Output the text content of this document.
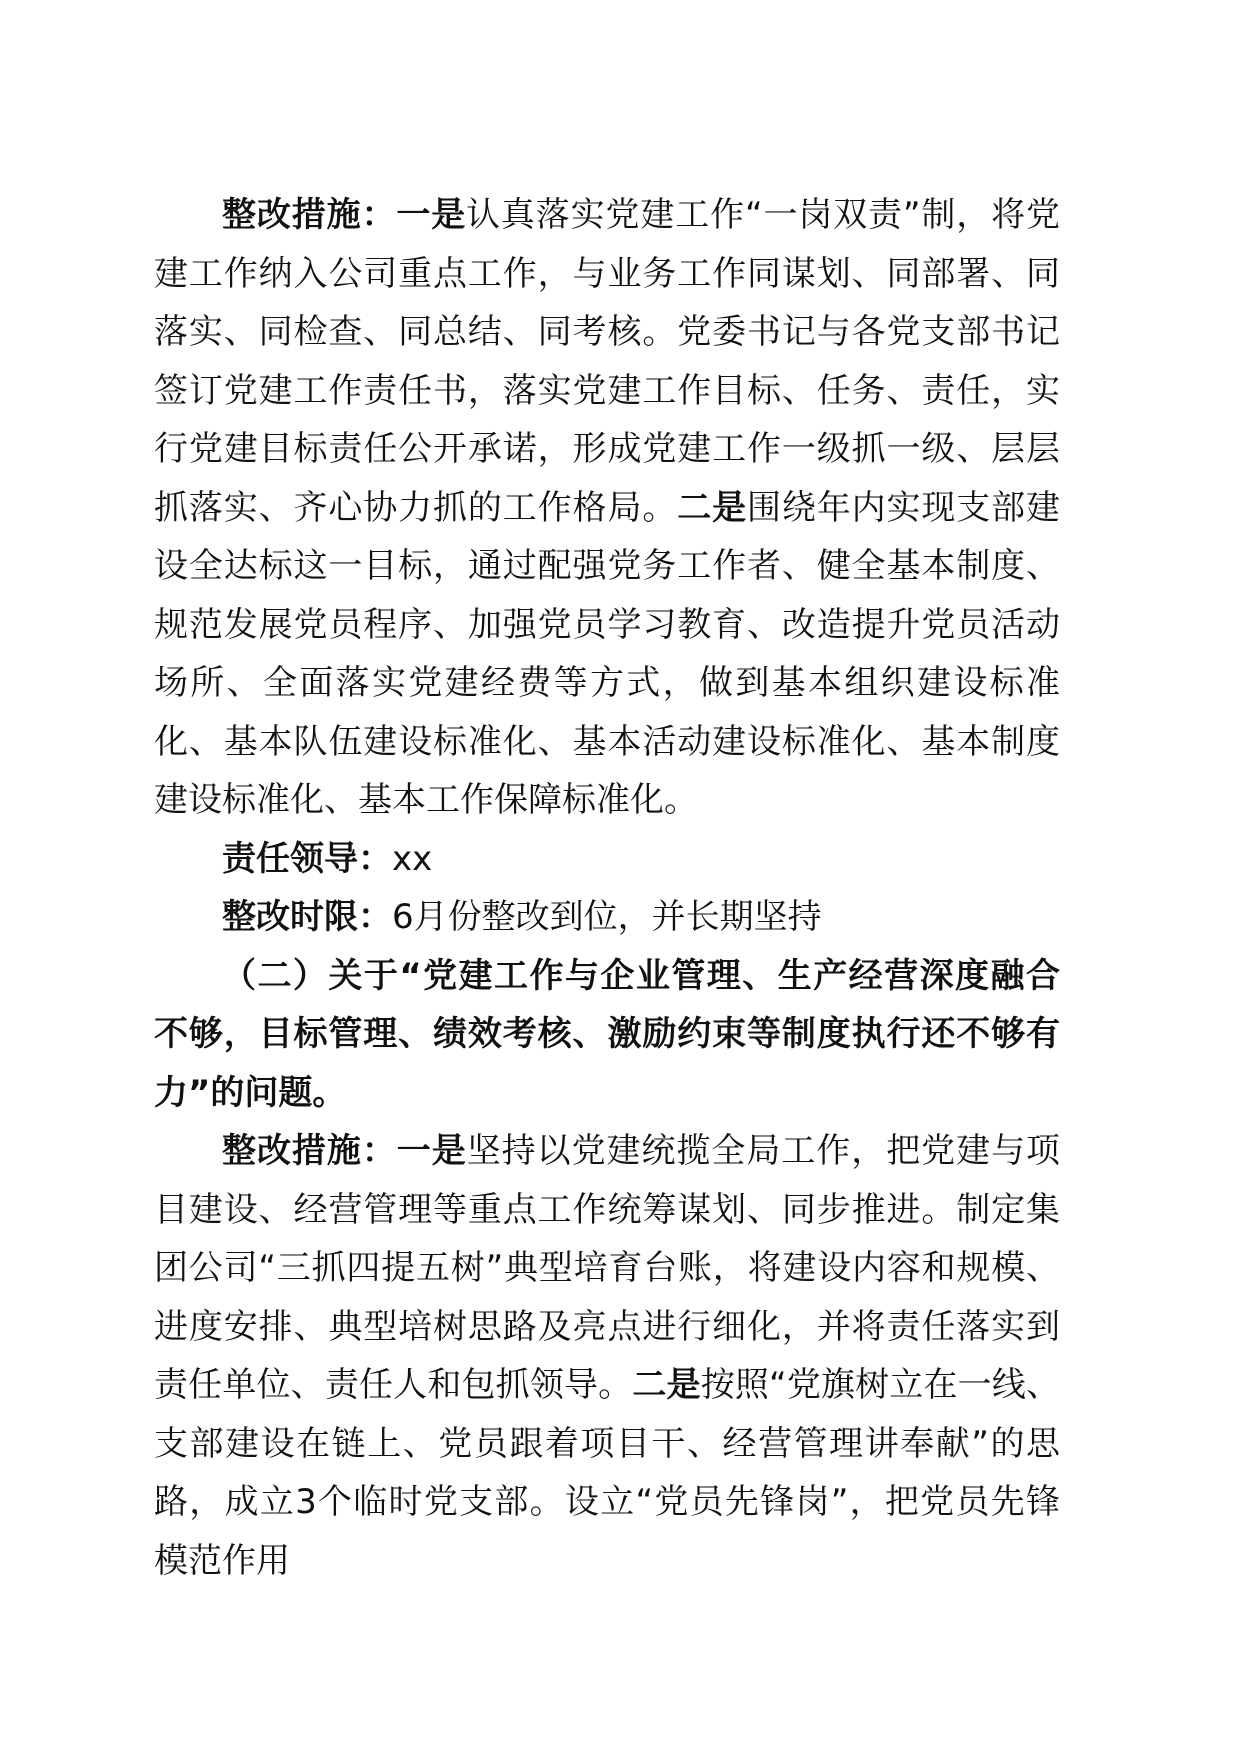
整改措施：一是认真落实党建工作“一岗双责”制，将党建工作纳入公司重点工作，与业务工作同谋划、同部署、同落实、同检查、同总结、同考核。党委书记与各党支部书记签订党建工作责任书，落实党建工作目标、任务、责任，实行党建目标责任公开承诺，形成党建工作一级抓一级、层层抓落实、齐心协力抓的工作格局。二是围绕年内实现支部建设全达标这一目标，通过配强党务工作者、健全基本制度、规范发展党员程序、加强党员学习教育、改造提升党员活动场所、全面落实党建经费等方式，做到基本组织建设标准化、基本队伍建设标准化、基本活动建设标准化、基本制度建设标准化、基本工作保障标准化。

责任领导：xx

整改时限：6月份整改到位，并长期坚持

（二）关于“党建工作与企业管理、生产经营深度融合不够，目标管理、绩效考核、激励约束等制度执行还不够有力”的问题。

整改措施：一是坚持以党建统揽全局工作，把党建与项目建设、经营管理等重点工作统筹谋划、同步推进。制定集团公司“三抓四提五树”典型培育台账，将建设内容和规模、进度安排、典型培树思路及亮点进行细化，并将责任落实到责任单位、责任人和包抓领导。二是按照“党旗树立在一线、支部建设在链上、党员跟着项目干、经营管理讲奉献”的思路，成立3个临时党支部。设立“党员先锋岗”，把党员先锋模范作用
